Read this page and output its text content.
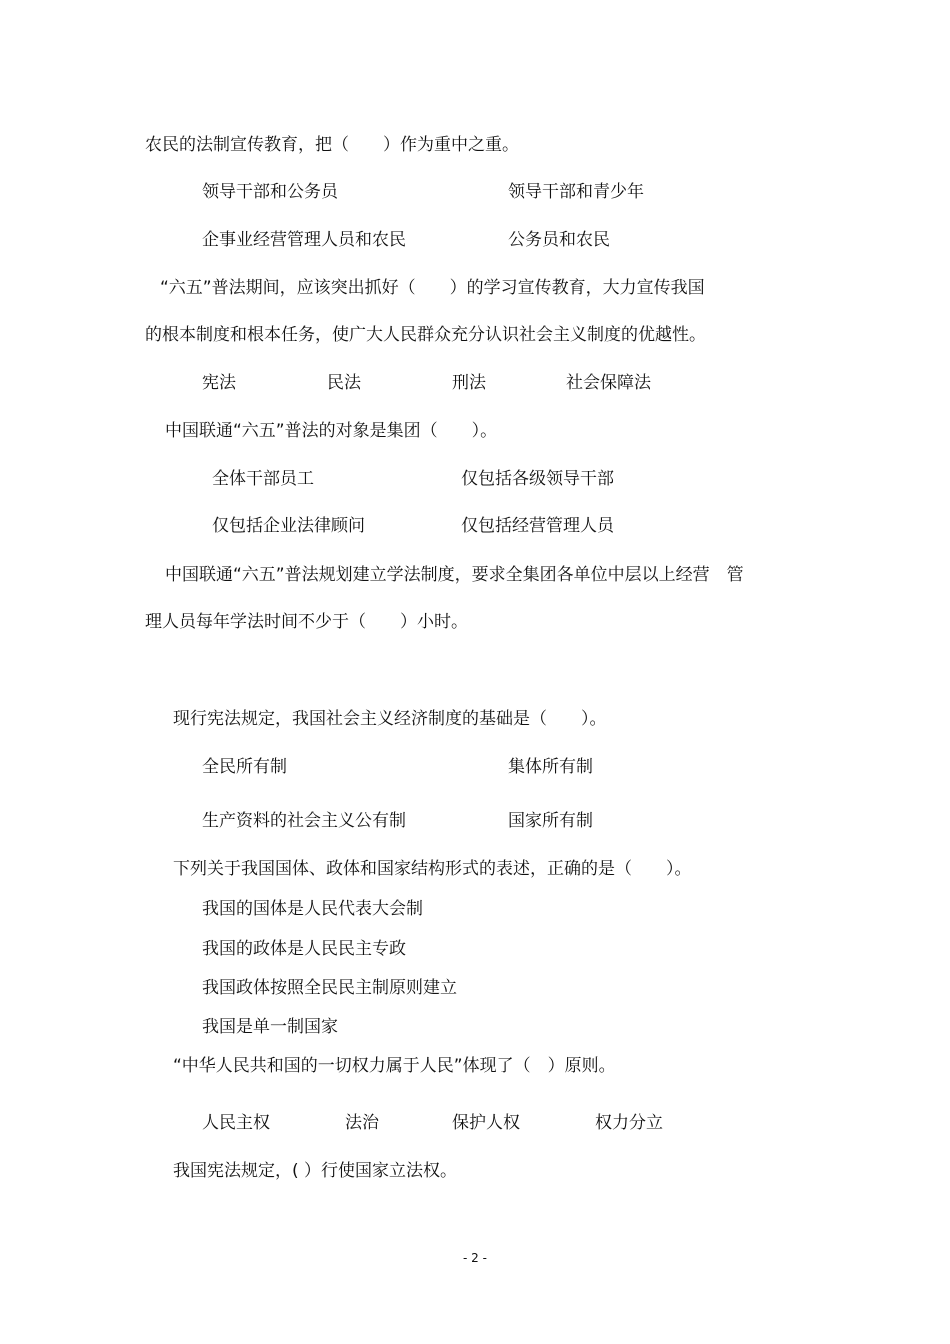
农民的法制宣传教育，把（　　）作为重中之重。
领导干部和公务员	领导干部和青少年
企事业经营管理人员和农民	公务员和农民
“六五”普法期间，应该突出抓好（　　）的学习宣传教育，大力宣传我国
的根本制度和根本任务，使广大人民群众充分认识社会主义制度的优越性。
宪法	民法	刑法	社会保障法
中国联通“六五”普法的对象是集团（　　）。
全体干部员工	仅包括各级领导干部
仅包括企业法律顾问	仅包括经营管理人员
中国联通“六五”普法规划建立学法制度，要求全集团各单位中层以上经营　管
理人员每年学法时间不少于（　　）小时。
现行宪法规定，我国社会主义经济制度的基础是（　　）。
全民所有制	集体所有制
生产资料的社会主义公有制	国家所有制
下列关于我国国体、政体和国家结构形式的表述，正确的是（　　）。
我国的国体是人民代表大会制
我国的政体是人民民主专政
我国政体按照全民民主制原则建立
我国是单一制国家
“中华人民共和国的一切权力属于人民”体现了（　）原则。
人民主权	法治	保护人权	权力分立
我国宪法规定，( ）行使国家立法权。
- 2 -
